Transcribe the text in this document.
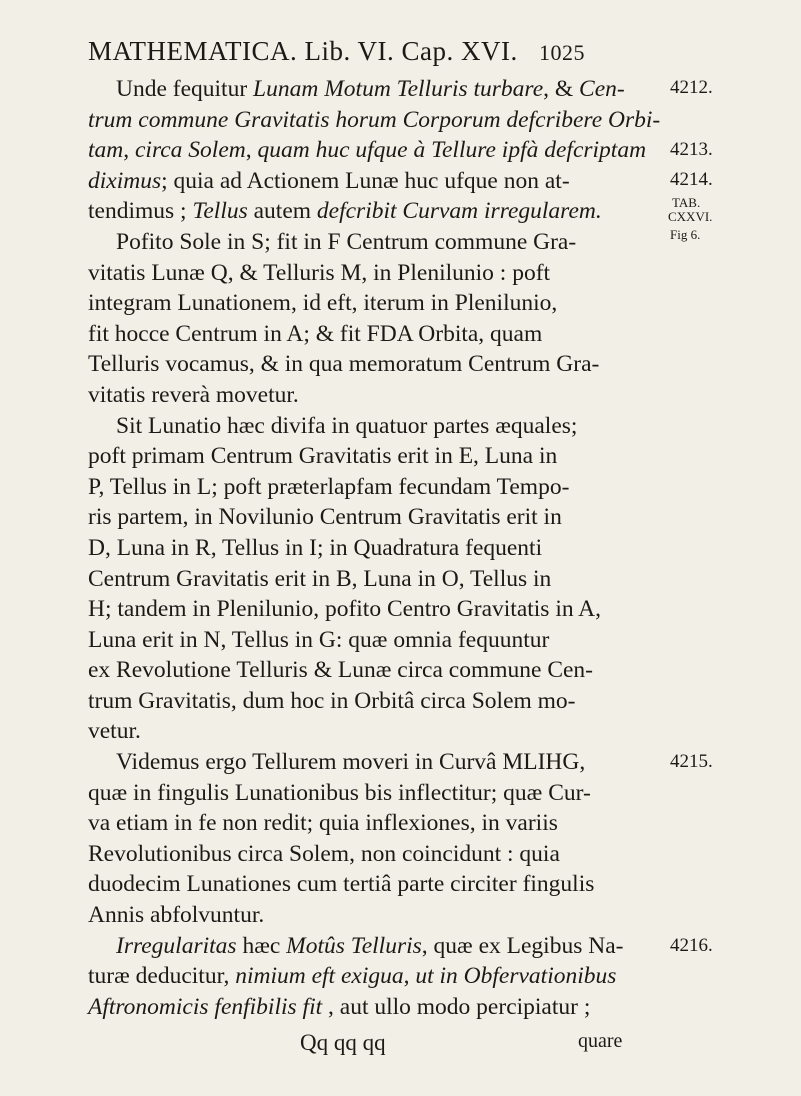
MATHEMATICA. Lib. VI. Cap. XVI. 1025
Unde fequitur Lunam Motum Telluris turbare, & Cen-
trum commune Gravitatis horum Corporum defcribere Orbi-
tam, circa Solem, quam huc ufque à Tellure ipfà defcriptam
diximus; quia ad Actionem Lunæ huc ufque non at-
tendimus ; Tellus autem defcribit Curvam irregularem.
Pofito Sole in S; fit in F Centrum commune Gra-
vitatis Lunæ Q, & Telluris M, in Plenilunio : poft
integram Lunationem, id eft, iterum in Plenilunio,
fit hocce Centrum in A; & fit FDA Orbita, quam
Telluris vocamus, & in qua memoratum Centrum Gra-
vitatis reverà movetur.
Sit Lunatio hæc divifa in quatuor partes æquales;
poft primam Centrum Gravitatis erit in E, Luna in
P, Tellus in L; poft præterlapfam fecundam Tempo-
ris partem, in Novilunio Centrum Gravitatis erit in
D, Luna in R, Tellus in I; in Quadratura fequenti
Centrum Gravitatis erit in B, Luna in O, Tellus in
H; tandem in Plenilunio, pofito Centro Gravitatis in A,
Luna erit in N, Tellus in G: quæ omnia fequuntur
ex Revolutione Telluris & Lunæ circa commune Cen-
trum Gravitatis, dum hoc in Orbitâ circa Solem mo-
vetur.
Videmus ergo Tellurem moveri in Curvâ MLIHG,
quæ in fingulis Lunationibus bis inflectitur; quæ Cur-
va etiam in fe non redit; quia inflexiones, in variis
Revolutionibus circa Solem, non coincidunt : quia
duodecim Lunationes cum tertiâ parte circiter fingulis
Annis abfolvuntur.
Irregularitas hæc Motûs Telluris, quæ ex Legibus Na-
turæ deducitur, nimium eft exigua, ut in Obfervationibus
Aftronomicis fenfibilis fit , aut ullo modo percipiatur ;
4212.
4213.
4214.
TAB.
CXXVI.
Fig 6.
4215.
4216.
Qq qq qq	quare
